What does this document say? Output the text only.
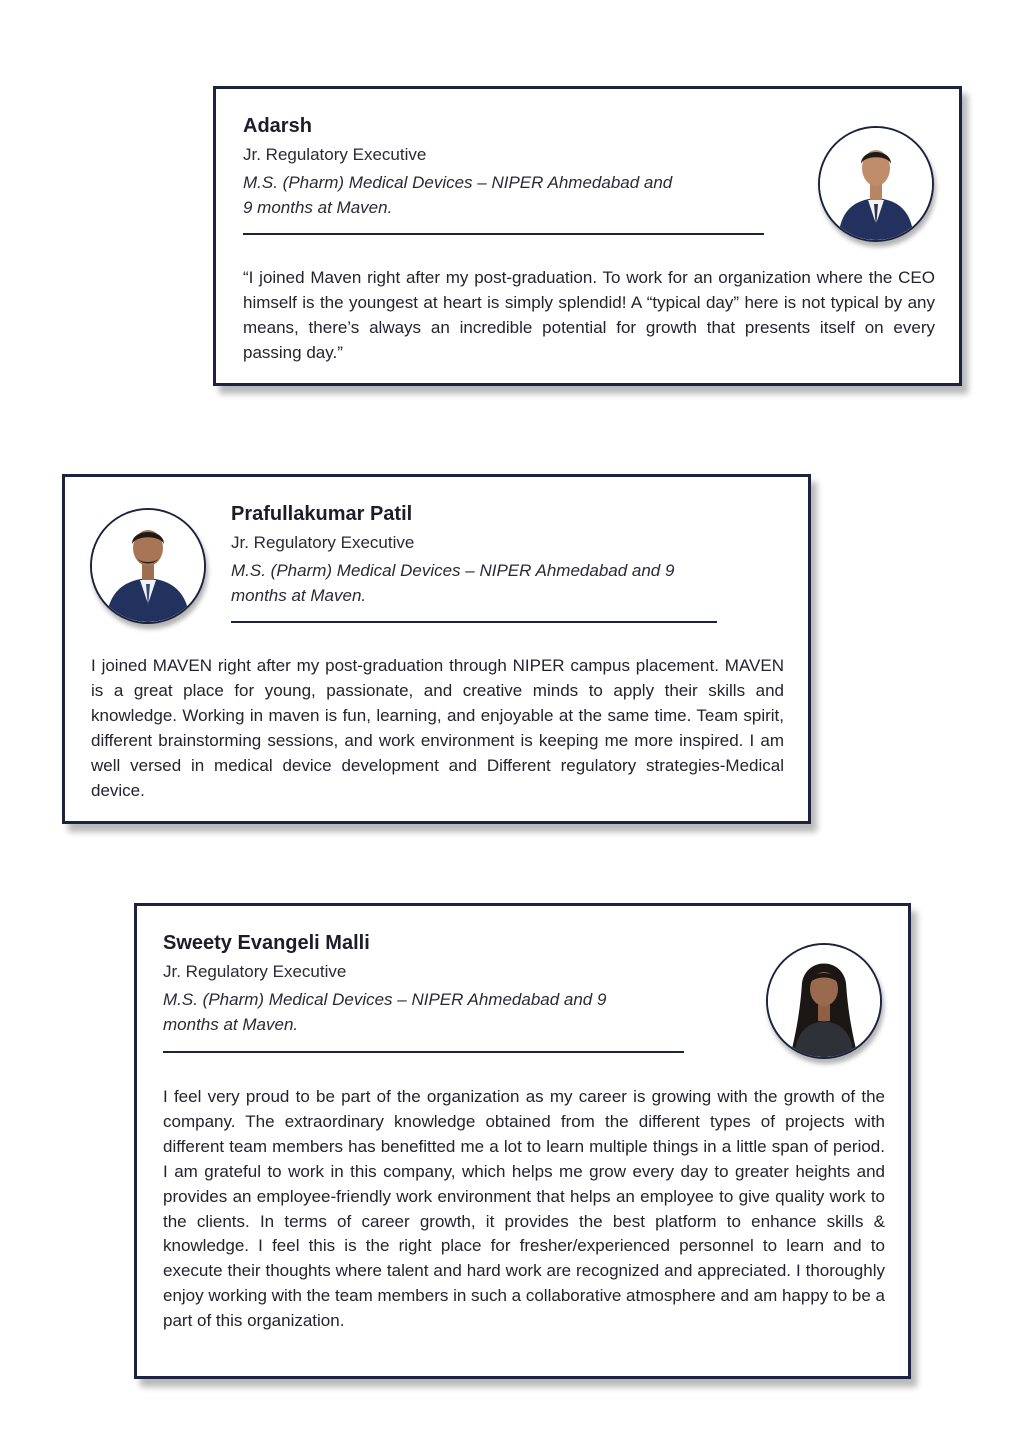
Adarsh
Jr. Regulatory Executive
M.S. (Pharm) Medical Devices – NIPER Ahmedabad and 9 months at Maven.
“I joined Maven right after my post-graduation. To work for an organization where the CEO himself is the youngest at heart is simply splendid! A “typical day” here is not typical by any means, there’s always an incredible potential for growth that presents itself on every passing day.”
Prafullakumar Patil
Jr. Regulatory Executive
M.S. (Pharm) Medical Devices – NIPER Ahmedabad and 9 months at Maven.
I joined MAVEN right after my post-graduation through NIPER campus placement. MAVEN is a great place for young, passionate, and creative minds to apply their skills and knowledge. Working in maven is fun, learning, and enjoyable at the same time. Team spirit, different brainstorming sessions, and work environment is keeping me more inspired. I am well versed in medical device development and Different regulatory strategies-Medical device.
Sweety Evangeli Malli
Jr. Regulatory Executive
M.S. (Pharm) Medical Devices – NIPER Ahmedabad and 9 months at Maven.
I feel very proud to be part of the organization as my career is growing with the growth of the company. The extraordinary knowledge obtained from the different types of projects with different team members has benefitted me a lot to learn multiple things in a little span of period. I am grateful to work in this company, which helps me grow every day to greater heights and provides an employee-friendly work environment that helps an employee to give quality work to the clients. In terms of career growth, it provides the best platform to enhance skills & knowledge. I feel this is the right place for fresher/experienced personnel to learn and to execute their thoughts where talent and hard work are recognized and appreciated. I thoroughly enjoy working with the team members in such a collaborative atmosphere and am happy to be a part of this organization.
